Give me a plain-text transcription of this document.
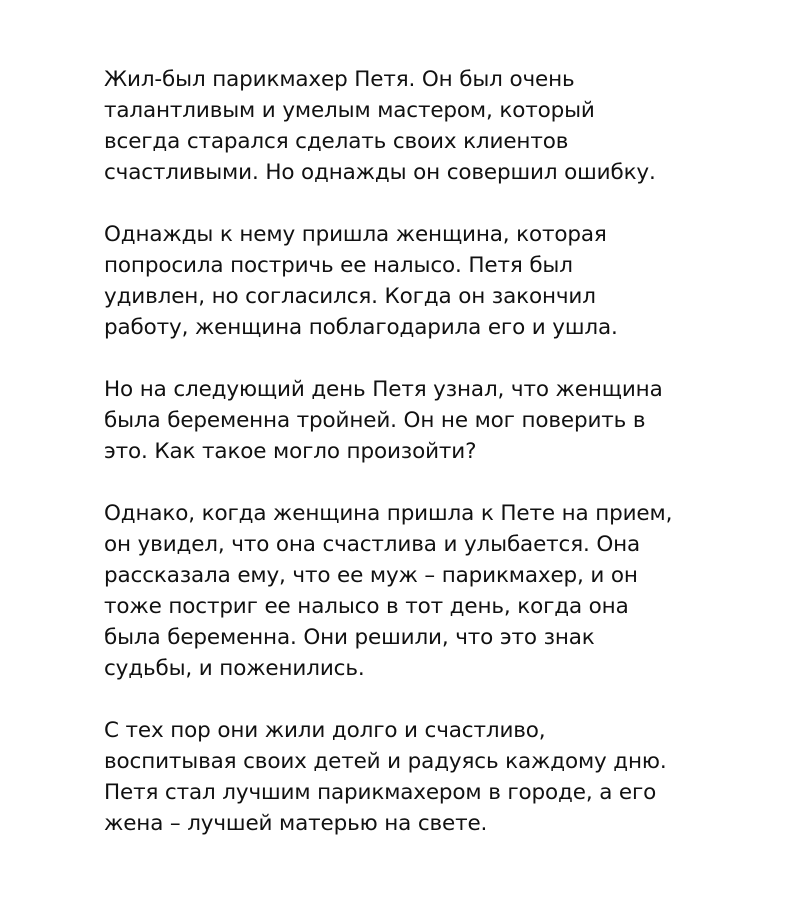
Жил-был парикмахер Петя. Он был очень
талантливым и умелым мастером, который
всегда старался сделать своих клиентов
счастливыми. Но однажды он совершил ошибку.

Однажды к нему пришла женщина, которая
попросила постричь ее налысо. Петя был
удивлен, но согласился. Когда он закончил
работу, женщина поблагодарила его и ушла.

Но на следующий день Петя узнал, что женщина
была беременна тройней. Он не мог поверить в
это. Как такое могло произойти?

Однако, когда женщина пришла к Пете на прием,
он увидел, что она счастлива и улыбается. Она
рассказала ему, что ее муж – парикмахер, и он
тоже постриг ее налысо в тот день, когда она
была беременна. Они решили, что это знак
судьбы, и поженились.

С тех пор они жили долго и счастливо,
воспитывая своих детей и радуясь каждому дню.
Петя стал лучшим парикмахером в городе, а его
жена – лучшей матерью на свете.
